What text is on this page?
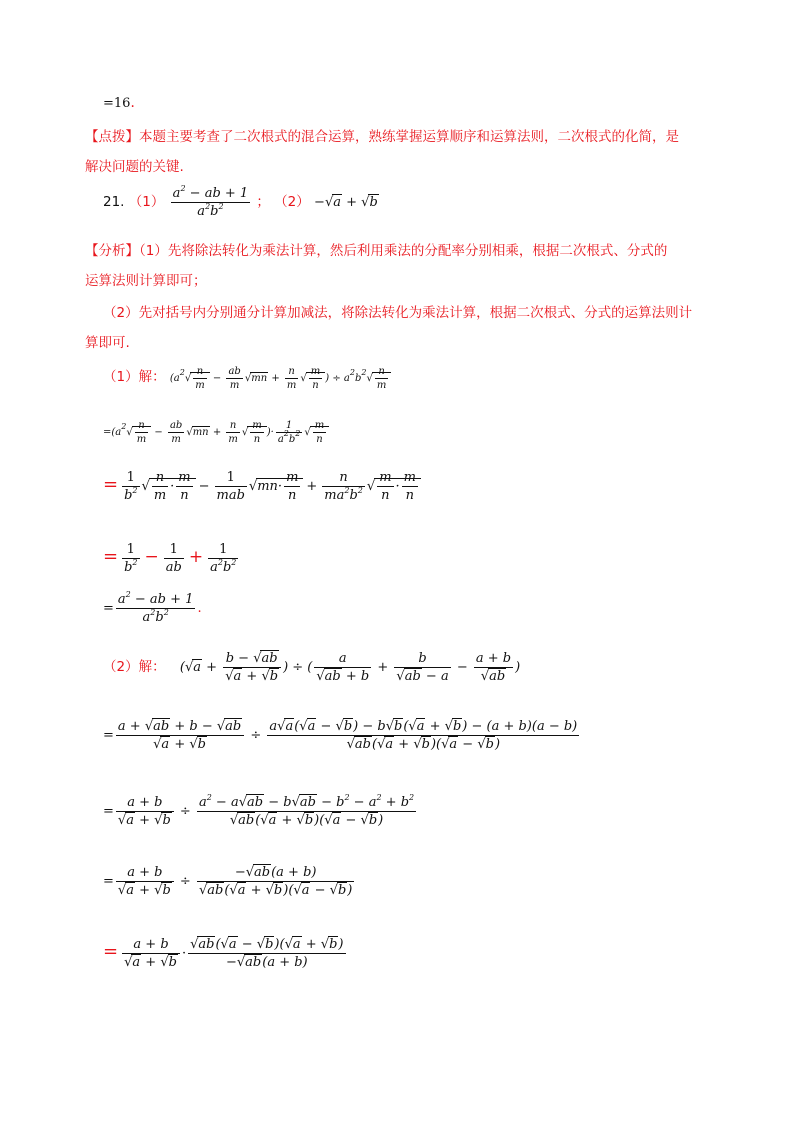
=16.
【点拨】本题主要考查了二次根式的混合运算，熟练掌握运算顺序和运算法则，二次根式的化简，是
解决问题的关键.
21. $(1) \frac{a^2 - ab + 1}{a^2b^2}$ ； （2） −√ a + √ b
【分析】（1）先将除法转化为乘法计算，然后利用乘法的分配率分别相乘，根据二次根式、分式的
运算法则计算即可；
（2）先对括号内分别通分计算加减法，将除法转化为乘法计算，根据二次根式、分式的运算法则计
算即可.
（1）解： ($a^2$
√ $\frac{n}{m} - \frac{ab}{m}$
√ mn + $\frac{n}{m}$
√ $\frac{m}{n}$ ) ÷ $a^2b^2$
√ $\frac{n}{m}$
$=(a^2$
√ $\frac{n}{m} - \frac{ab}{m}$
√ mn + $\frac{n}{m}$
√ $\frac{m}{n}$ )· $\frac{1}{a^2b^2}$
√ $\frac{m}{n}$
= $\frac{1}{b^2}$
√ $\frac{n}{m} \cdot \frac{m}{n} - \frac{1}{\text{mab}}$
√ $mn\cdot \frac{m}{n} + \frac{n}{ma^2b^2}$
√ $\frac{m}{n} \cdot \frac{m}{n}$
= $\frac{1}{b^2} - \frac{1}{ab} + \frac{1}{a^2b^2}$
= $\frac{a^2 - ab + 1}{a^2b^2}$ .
（2）解： (√ a + b − √ ab
√ a + √ b ) ÷ ( a
√ ab + b + b
√ ab − a − a + b
√ ab )
= a + √ ab + b − √ ab
√ a + √ b ÷ a√ a(√ a − √ b) − b√ b(√ a + √ b) − (a + b)(a − b)
√ ab(√ a + √ b)(√ a − √ b)
= a + b
√ a + √ $b \div a^2 - a√$ ab − b√ ab − $b^2 - a^2 + b^2$
√ ab(√ a + √ b)(√ a − √ b)
= a + b
√ a + √ b ÷ −√ ab(a + b)
√ ab(√ a + √ b)(√ a − √ b)
= a + b
√ a + √ b ·
√ $\frac{ab(√ a - √ b)(√ a + √ b)}{-√ ab(a + b)}$
